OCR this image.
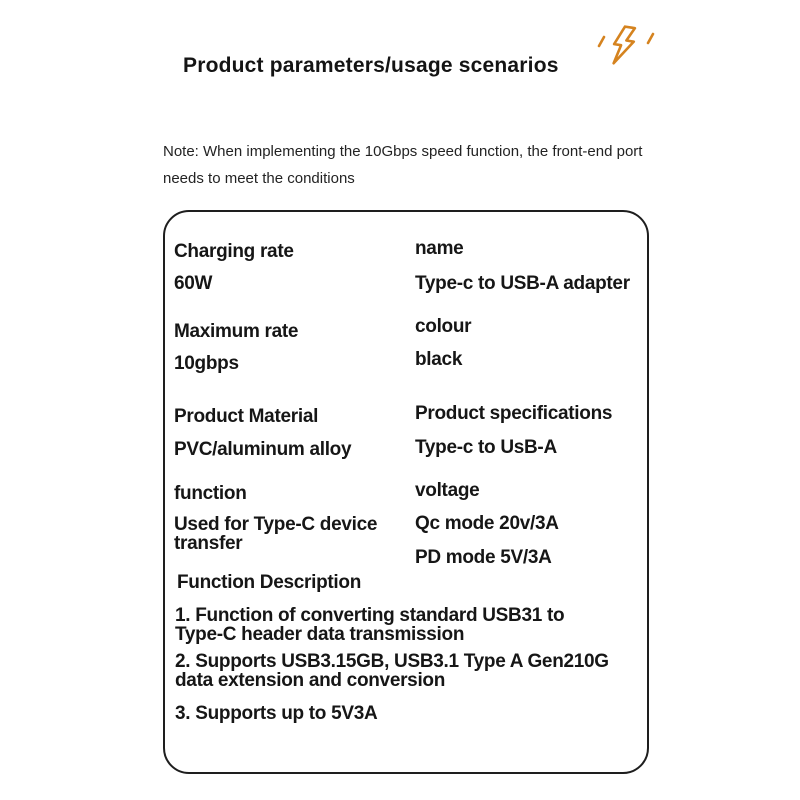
Product parameters/usage scenarios
Note: When implementing the 10Gbps speed function, the front-end port
needs to meet the conditions
Charging rate
60W
name
Type-c to USB-A adapter
Maximum rate
10gbps
colour
black
Product Material
PVC/aluminum alloy
Product specifications
Type-c to UsB-A
function
Used for Type-C device
transfer
voltage
Qc mode 20v/3A
PD mode 5V/3A
Function Description
1. Function of converting standard USB31 to
Type-C header data transmission
2. Supports USB3.15GB, USB3.1 Type A Gen210G
data extension and conversion
3. Supports up to 5V3A
